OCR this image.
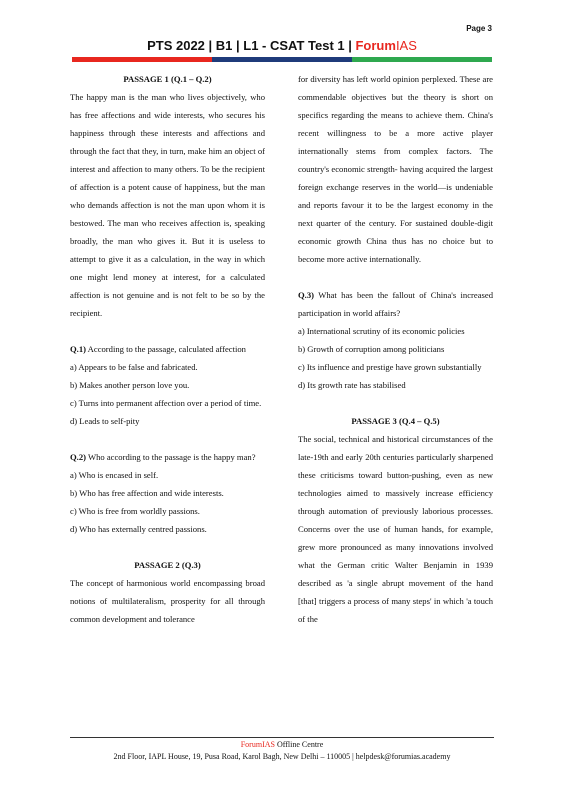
Page 3
PTS 2022 | B1 | L1 - CSAT Test 1 | ForumIAS

PASSAGE 1 (Q.1 – Q.2)

The happy man is the man who lives objectively, who has free affections and wide interests, who secures his happiness through these interests and affections and through the fact that they, in turn, make him an object of interest and affection to many others. To be the recipient of affection is a potent cause of happiness, but the man who demands affection is not the man upon whom it is bestowed. The man who receives affection is, speaking broadly, the man who gives it. But it is useless to attempt to give it as a calculation, in the way in which one might lend money at interest, for a calculated affection is not genuine and is not felt to be so by the recipient.

Q.1) According to the passage, calculated affection

a) Appears to be false and fabricated.

b) Makes another person love you.

c) Turns into permanent affection over a period of time.

d) Leads to self-pity

Q.2) Who according to the passage is the happy man?

a) Who is encased in self.

b) Who has free affection and wide interests.

c) Who is free from worldly passions.

d) Who has externally centred passions.

PASSAGE 2 (Q.3)

The concept of harmonious world encompassing broad notions of multilateralism, prosperity for all through common development and tolerance

for diversity has left world opinion perplexed. These are commendable objectives but the theory is short on specifics regarding the means to achieve them. China's recent willingness to be a more active player internationally stems from complex factors. The country's economic strength- having acquired the largest foreign exchange reserves in the world—is undeniable and reports favour it to be the largest economy in the next quarter of the century. For sustained double-digit economic growth China thus has no choice but to become more active internationally.

Q.3) What has been the fallout of China's increased participation in world affairs?

a) International scrutiny of its economic policies

b) Growth of corruption among politicians

c) Its influence and prestige have grown substantially

d) Its growth rate has stabilised

PASSAGE 3 (Q.4 – Q.5)

The social, technical and historical circumstances of the late-19th and early 20th centuries particularly sharpened these criticisms toward button-pushing, even as new technologies aimed to massively increase efficiency through automation of previously laborious processes. Concerns over the use of human hands, for example, grew more pronounced as many innovations involved what the German critic Walter Benjamin in 1939 described as 'a single abrupt movement of the hand [that] triggers a process of many steps' in which 'a touch of the

ForumIAS Offline Centre
2nd Floor, IAPL House, 19, Pusa Road, Karol Bagh, New Delhi – 110005 | helpdesk@forumias.academy
